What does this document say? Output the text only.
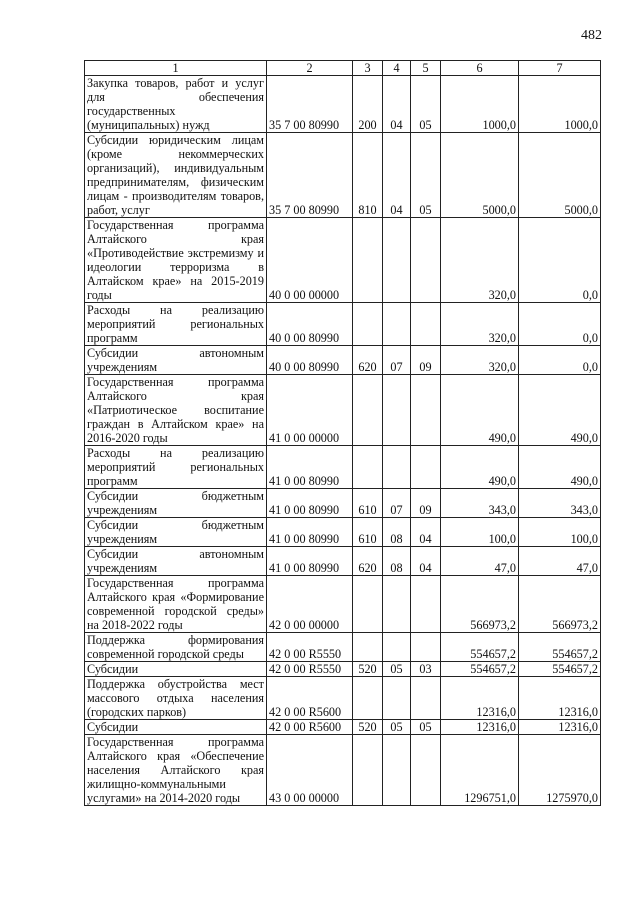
482
1	2	3	4	5	6	7
Закупка товаров, работ и услуг для обеспечения государственных (муниципальных) нужд	35 7 00 80990	200	04	05	1000,0	1000,0
Субсидии юридическим лицам (кроме некоммерческих организаций), индивидуальным предпринимателям, физическим лицам - производителям товаров, работ, услуг	35 7 00 80990	810	04	05	5000,0	5000,0
Государственная программа Алтайского края «Противодействие экстремизму и идеологии терроризма в Алтайском крае» на 2015-2019 годы	40 0 00 00000				320,0	0,0
Расходы на реализацию мероприятий региональных программ	40 0 00 80990				320,0	0,0
Субсидии автономным учреждениям	40 0 00 80990	620	07	09	320,0	0,0
Государственная программа Алтайского края «Патриотическое воспитание граждан в Алтайском крае» на 2016-2020 годы	41 0 00 00000				490,0	490,0
Расходы на реализацию мероприятий региональных программ	41 0 00 80990				490,0	490,0
Субсидии бюджетным учреждениям	41 0 00 80990	610	07	09	343,0	343,0
Субсидии бюджетным учреждениям	41 0 00 80990	610	08	04	100,0	100,0
Субсидии автономным учреждениям	41 0 00 80990	620	08	04	47,0	47,0
Государственная программа Алтайского края «Формирование современной городской среды» на 2018-2022 годы	42 0 00 00000				566973,2	566973,2
Поддержка формирования современной городской среды	42 0 00 R5550				554657,2	554657,2
Субсидии	42 0 00 R5550	520	05	03	554657,2	554657,2
Поддержка обустройства мест массового отдыха населения (городских парков)	42 0 00 R5600				12316,0	12316,0
Субсидии	42 0 00 R5600	520	05	05	12316,0	12316,0
Государственная программа Алтайского края «Обеспечение населения Алтайского края жилищно-коммунальными услугами» на 2014-2020 годы	43 0 00 00000				1296751,0	1275970,0
